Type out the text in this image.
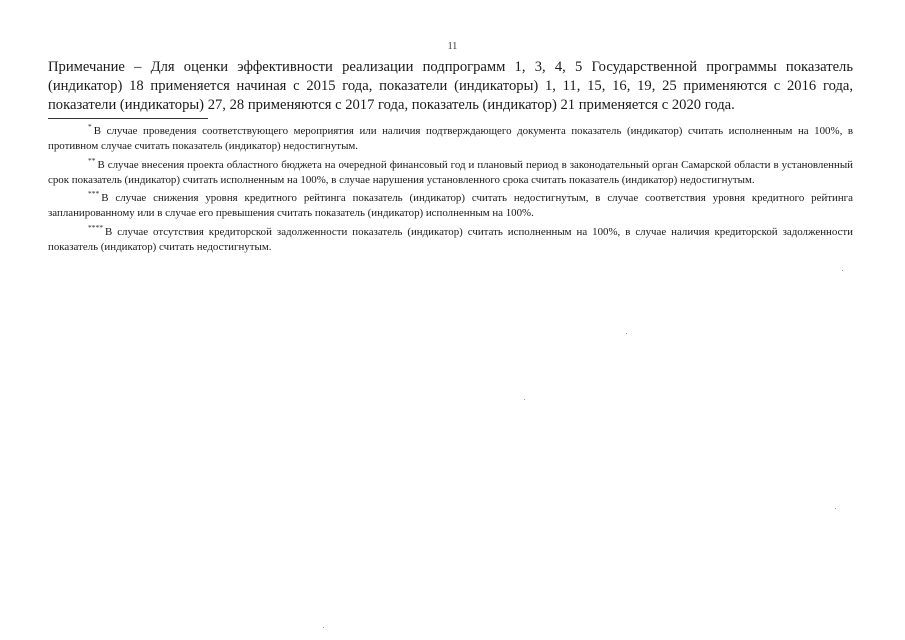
11

Примечание – Для оценки эффективности реализации подпрограмм 1, 3, 4, 5 Государственной программы показатель (индикатор) 18 применяется начиная с 2015 года, показатели (индикаторы) 1, 11, 15, 16, 19, 25 применяются с 2016 года, показатели (индикаторы) 27, 28 применяются с 2017 года, показатель (индикатор) 21 применяется с 2020 года.

* В случае проведения соответствующего мероприятия или наличия подтверждающего документа показатель (индикатор) считать исполненным на 100%, в противном случае считать показатель (индикатор) недостигнутым.

** В случае внесения проекта областного бюджета на очередной финансовый год и плановый период в законодательный орган Самарской области в установленный срок показатель (индикатор) считать исполненным на 100%, в случае нарушения установленного срока считать показатель (индикатор) недостигнутым.

*** В случае снижения уровня кредитного рейтинга показатель (индикатор) считать недостигнутым, в случае соответствия уровня кредитного рейтинга запланированному или в случае его превышения считать показатель (индикатор) исполненным на 100%.

**** В случае отсутствия кредиторской задолженности показатель (индикатор) считать исполненным на 100%, в случае наличия кредиторской задолженности показатель (индикатор) считать недостигнутым.
